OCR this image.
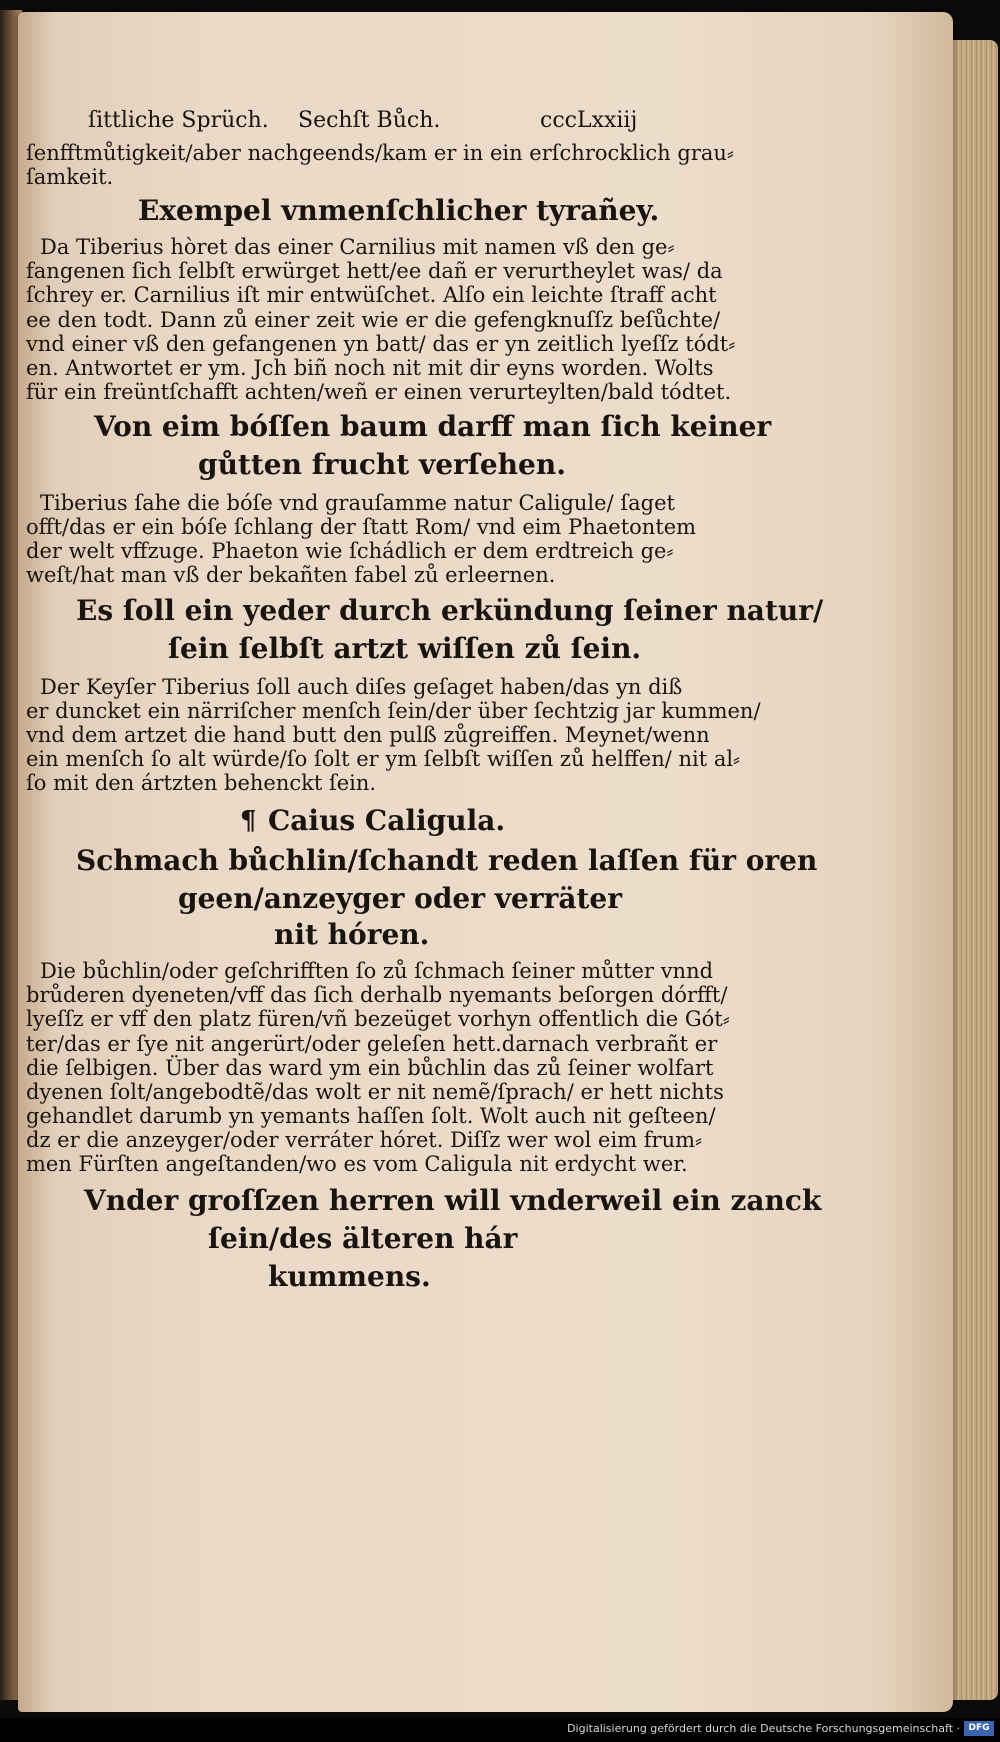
ſittliche Sprüch. Sechſt Bůch.	cccLxxiij
ſenfftmůtigkeit/aber nachgeends/kam er in ein erſchrocklich grau⸗
ſamkeit.
Exempel vnmenſchlicher tyrañey.
Da Tiberius hòret das einer Carnilius mit namen vß den ge⸗
fangenen ſich ſelbſt erwürget hett/ee dañ er verurtheylet was/ da
ſchrey er. Carnilius iſt mir entwüſchet. Alſo ein leichte ſtraff acht
ee den todt. Dann zů einer zeit wie er die gefengknuſſz beſůchte/
vnd einer vß den gefangenen yn batt/ das er yn zeitlich lyeſſz tódt⸗
en. Antwortet er ym. Jch biñ noch nit mit dir eyns worden. Wolts
für ein freüntſchafft achten/weñ er einen verurteylten/bald tódtet.
Von eim bóſſen baum darff man ſich keiner
gůtten frucht verſehen.
Tiberius ſahe die bóſe vnd grauſamme natur Caligule/ ſaget
offt/das er ein bóſe ſchlang der ſtatt Rom/ vnd eim Phaetontem
der welt vffzuge. Phaeton wie ſchádlich er dem erdtreich ge⸗
weſt/hat man vß der bekañten fabel zů erleernen.
Es ſoll ein yeder durch erkündung ſeiner natur/
ſein ſelbſt artzt wiſſen zů ſein.
Der Keyſer Tiberius ſoll auch diſes geſaget haben/das yn diß
er duncket ein närriſcher menſch ſein/der über ſechtzig jar kummen/
vnd dem artzet die hand butt den pulß zůgreiffen. Meynet/wenn
ein menſch ſo alt würde/ſo ſolt er ym ſelbſt wiſſen zů helffen/ nit al⸗
ſo mit den ártzten behenckt ſein.
¶ Caius Caligula.
Schmach bůchlin/ſchandt reden laſſen für oren
geen/anzeyger oder verräter
nit hóren.
Die bůchlin/oder geſchrifften ſo zů ſchmach ſeiner můtter vnnd
brůderen dyeneten/vff das ſich derhalb nyemants beſorgen dórfft/
lyeſſz er vff den platz füren/vñ bezeüget vorhyn offentlich die Gót⸗
ter/das er ſye nit angerürt/oder geleſen hett.darnach verbrañt er
die ſelbigen. Über das ward ym ein bůchlin das zů ſeiner wolfart
dyenen ſolt/angebodtẽ/das wolt er nit nemẽ/ſprach/ er hett nichts
gehandlet darumb yn yemants haſſen ſolt. Wolt auch nit geſteen/
dz er die anzeyger/oder verráter hóret. Diſſz wer wol eim frum⸗
men Fürſten angeſtanden/wo es vom Caligula nit erdycht wer.
Vnder groſſzen herren will vnderweil ein zanck
ſein/des älteren hár
kummens.
Digitalisierung gefördert durch die Deutsche Forschungsgemeinschaft · DFG
